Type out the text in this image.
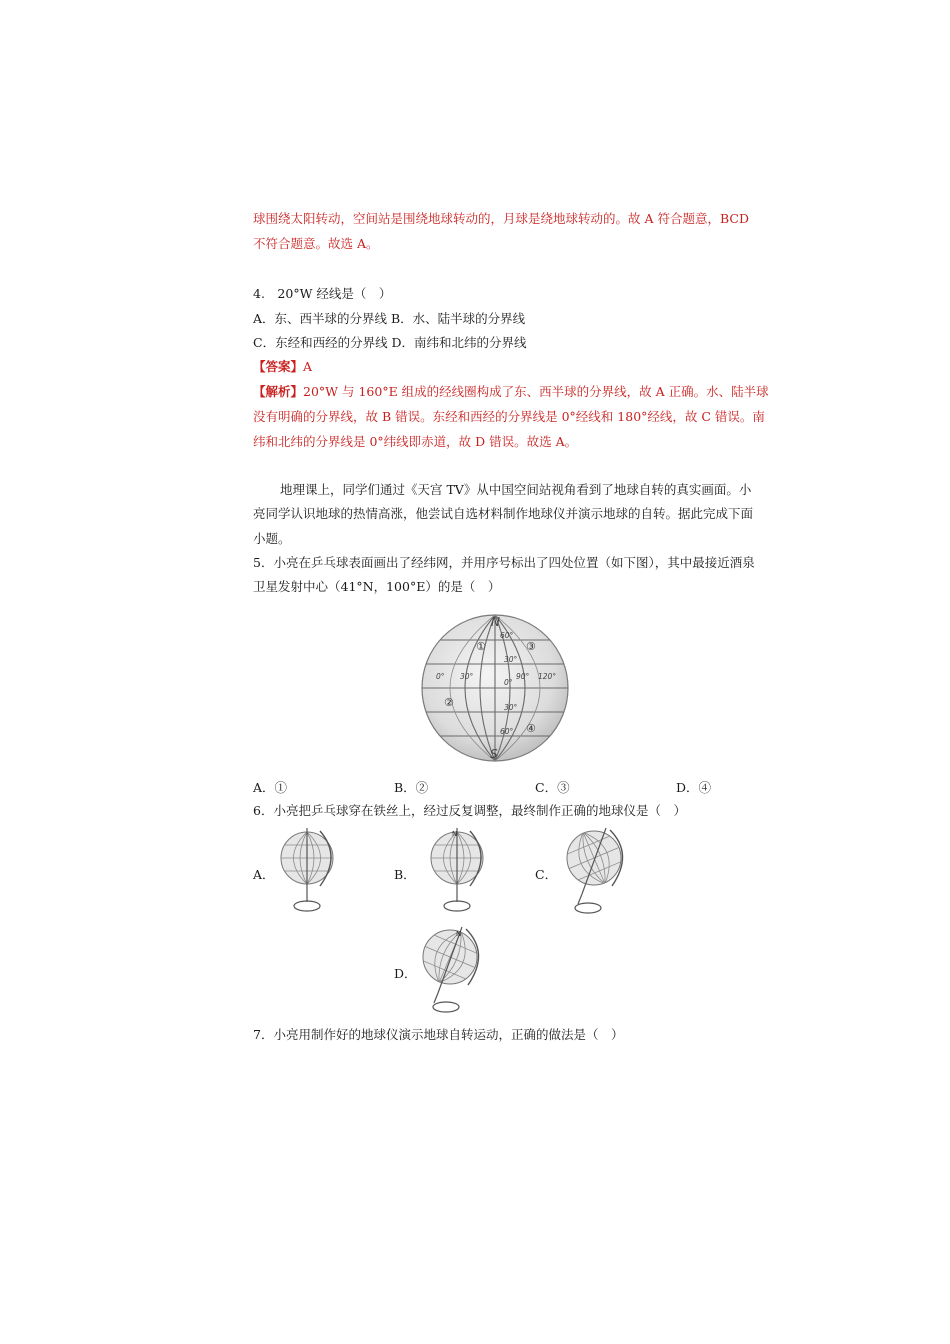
球围绕太阳转动，空间站是围绕地球转动的，月球是绕地球转动的。故 A 符合题意，BCD
不符合题意。故选 A。
4.　20°W 经线是（　）
A．东、西半球的分界线 B．水、陆半球的分界线
C．东经和西经的分界线 D．南纬和北纬的分界线
【答案】A
【解析】20°W 与 160°E 组成的经线圈构成了东、西半球的分界线，故 A 正确。水、陆半球
没有明确的分界线，故 B 错误。东经和西经的分界线是 0°经线和 180°经线，故 C 错误。南
纬和北纬的分界线是 0°纬线即赤道，故 D 错误。故选 A。
地理课上，同学们通过《天宫 TV》从中国空间站视角看到了地球自转的真实画面。小
亮同学认识地球的热情高涨，他尝试自选材料制作地球仪并演示地球的自转。据此完成下面
小题。
5．小亮在乒乓球表面画出了经纬网，并用序号标出了四处位置（如下图），其中最接近酒泉
卫星发射中心（41°N，100°E）的是（　）
N
S
①
②
③
④
60°
30°
0°
30°
60°
0° 30°	90° 120°
A．①	B．②	C．③	D．④
6．小亮把乒乓球穿在铁丝上，经过反复调整，最终制作正确的地球仪是（　）
A．	B．
N
C．
D．
N
7．小亮用制作好的地球仪演示地球自转运动，正确的做法是（　）
